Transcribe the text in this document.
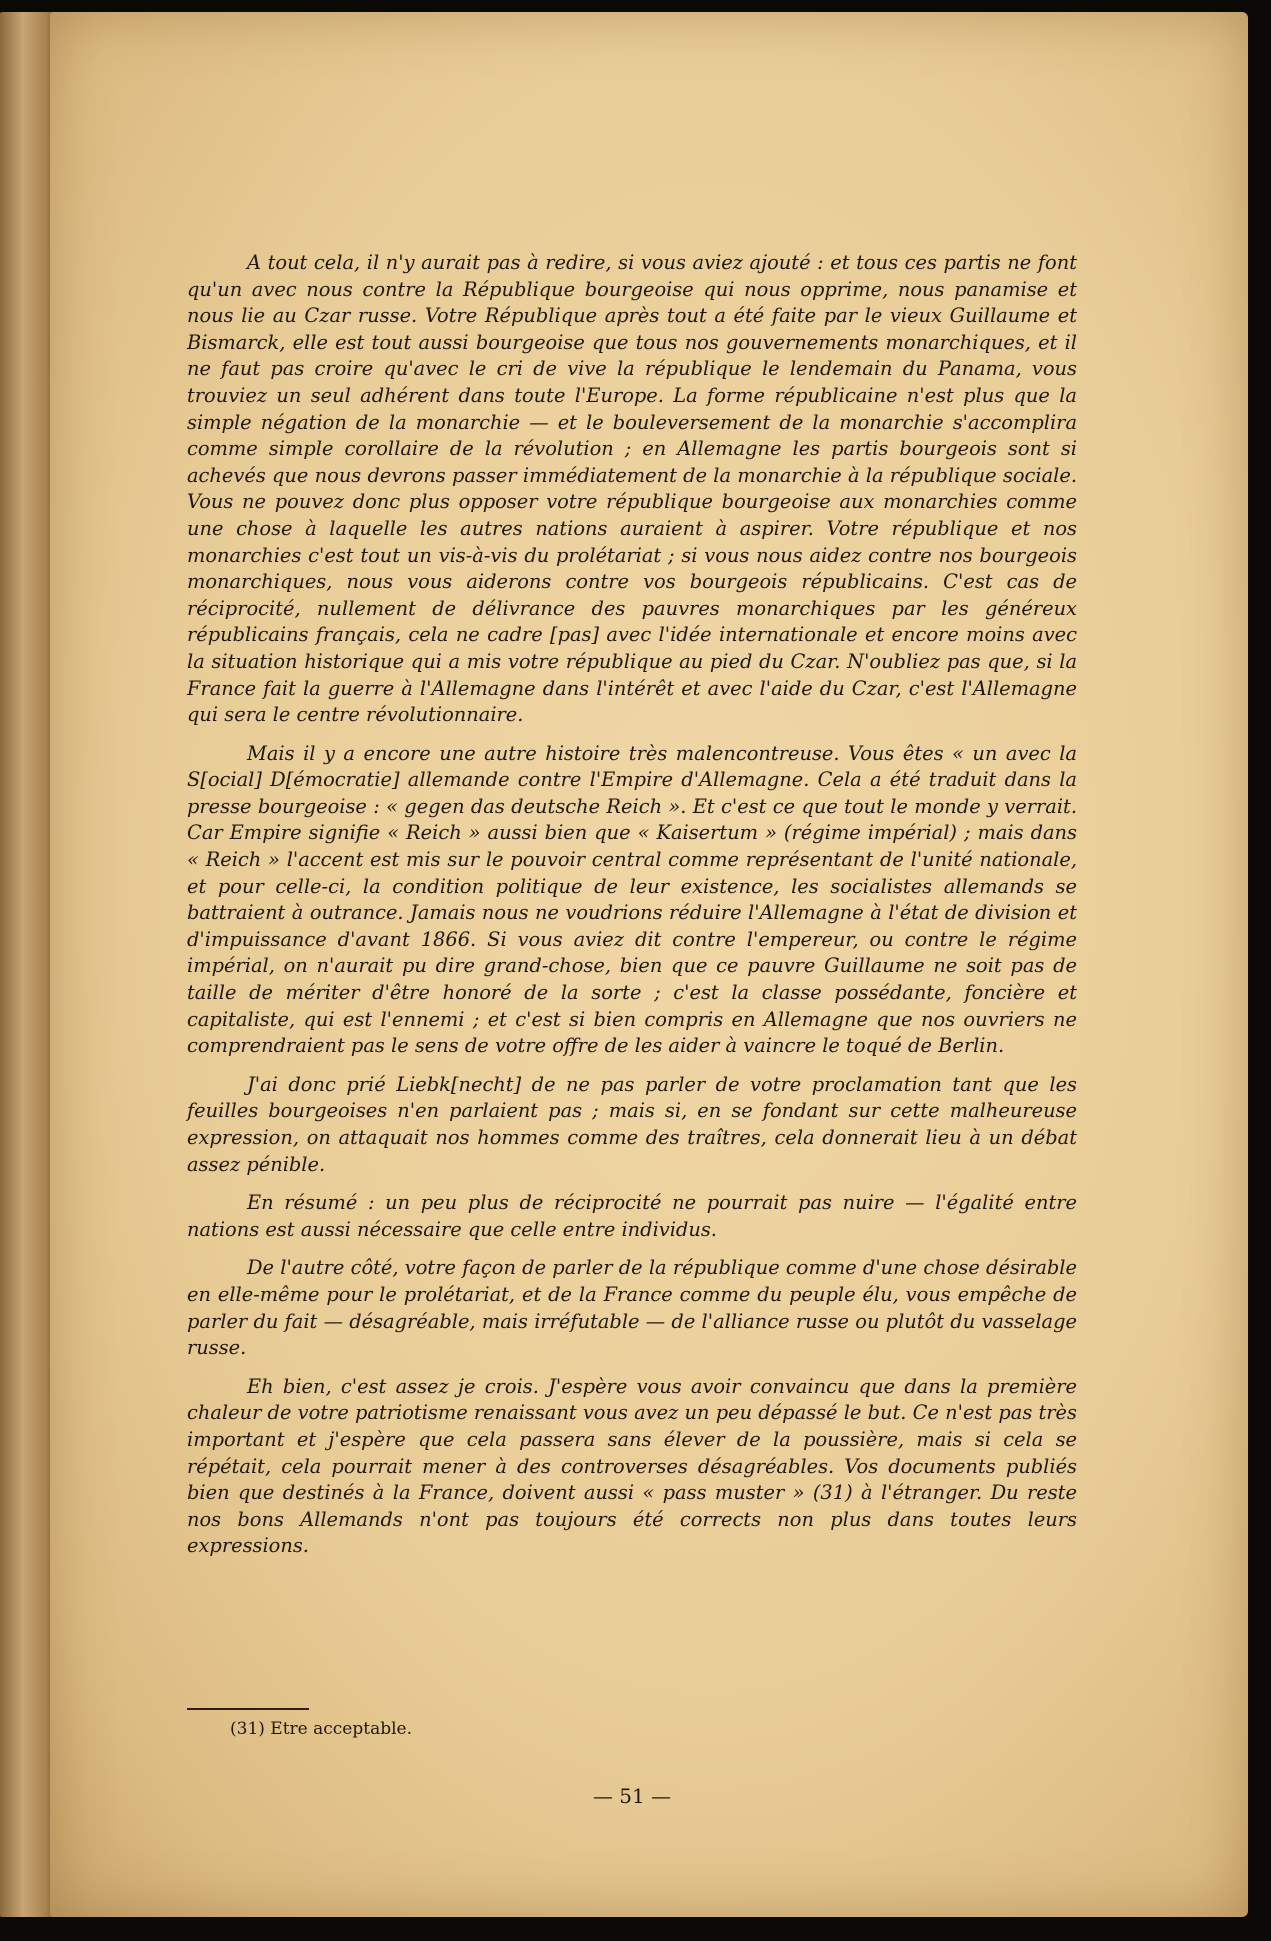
A tout cela, il n'y aurait pas à redire, si vous aviez ajouté : et tous ces partis ne font qu'un avec nous contre la République bourgeoise qui nous opprime, nous panamise et nous lie au Czar russe. Votre République après tout a été faite par le vieux Guillaume et Bismarck, elle est tout aussi bourgeoise que tous nos gouvernements monarchiques, et il ne faut pas croire qu'avec le cri de vive la république le lendemain du Panama, vous trouviez un seul adhérent dans toute l'Europe. La forme républicaine n'est plus que la simple négation de la monarchie — et le bouleversement de la monarchie s'accomplira comme simple corollaire de la révolution ; en Allemagne les partis bourgeois sont si achevés que nous devrons passer immédiatement de la monarchie à la république sociale. Vous ne pouvez donc plus opposer votre république bourgeoise aux monarchies comme une chose à laquelle les autres nations auraient à aspirer. Votre république et nos monarchies c'est tout un vis-à-vis du prolétariat ; si vous nous aidez contre nos bourgeois monarchiques, nous vous aiderons contre vos bourgeois républicains. C'est cas de réciprocité, nullement de délivrance des pauvres monarchiques par les généreux républicains français, cela ne cadre [pas] avec l'idée internationale et encore moins avec la situation historique qui a mis votre république au pied du Czar. N'oubliez pas que, si la France fait la guerre à l'Allemagne dans l'intérêt et avec l'aide du Czar, c'est l'Allemagne qui sera le centre révolutionnaire.

Mais il y a encore une autre histoire très malencontreuse. Vous êtes « un avec la S[ocial] D[émocratie] allemande contre l'Empire d'Allemagne. Cela a été traduit dans la presse bourgeoise : « gegen das deutsche Reich ». Et c'est ce que tout le monde y verrait. Car Empire signifie « Reich » aussi bien que « Kaisertum » (régime impérial) ; mais dans « Reich » l'accent est mis sur le pouvoir central comme représentant de l'unité nationale, et pour celle-ci, la condition politique de leur existence, les socialistes allemands se battraient à outrance. Jamais nous ne voudrions réduire l'Allemagne à l'état de division et d'impuissance d'avant 1866. Si vous aviez dit contre l'empereur, ou contre le régime impérial, on n'aurait pu dire grand-chose, bien que ce pauvre Guillaume ne soit pas de taille de mériter d'être honoré de la sorte ; c'est la classe possédante, foncière et capitaliste, qui est l'ennemi ; et c'est si bien compris en Allemagne que nos ouvriers ne comprendraient pas le sens de votre offre de les aider à vaincre le toqué de Berlin.

J'ai donc prié Liebk[necht] de ne pas parler de votre proclamation tant que les feuilles bourgeoises n'en parlaient pas ; mais si, en se fondant sur cette malheureuse expression, on attaquait nos hommes comme des traîtres, cela donnerait lieu à un débat assez pénible.

En résumé : un peu plus de réciprocité ne pourrait pas nuire — l'égalité entre nations est aussi nécessaire que celle entre individus.

De l'autre côté, votre façon de parler de la république comme d'une chose désirable en elle-même pour le prolétariat, et de la France comme du peuple élu, vous empêche de parler du fait — désagréable, mais irréfutable — de l'alliance russe ou plutôt du vasselage russe.

Eh bien, c'est assez je crois. J'espère vous avoir convaincu que dans la première chaleur de votre patriotisme renaissant vous avez un peu dépassé le but. Ce n'est pas très important et j'espère que cela passera sans élever de la poussière, mais si cela se répétait, cela pourrait mener à des controverses désagréables. Vos documents publiés bien que destinés à la France, doivent aussi « pass muster » (31) à l'étranger. Du reste nos bons Allemands n'ont pas toujours été corrects non plus dans toutes leurs expressions.

(31) Etre acceptable.
— 51 —
